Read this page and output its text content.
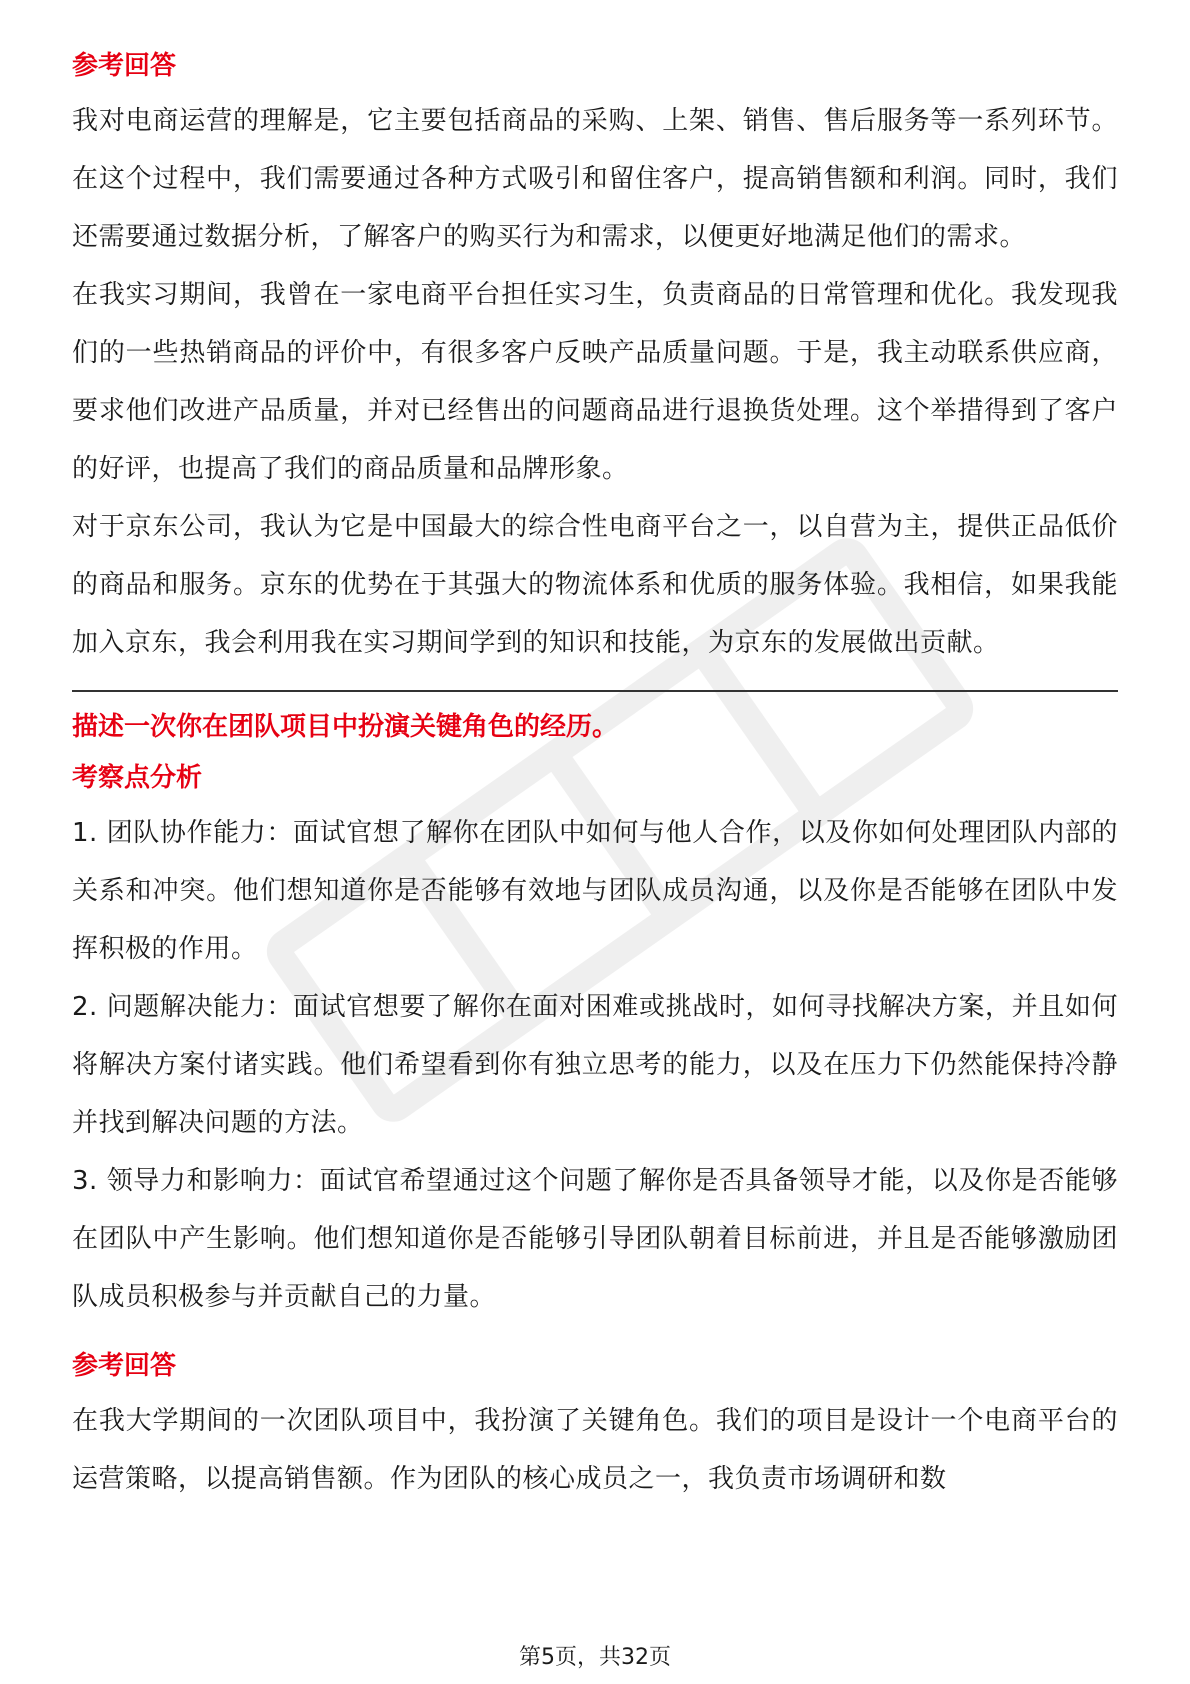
参考回答

我对电商运营的理解是，它主要包括商品的采购、上架、销售、售后服务等一系列环节。在这个过程中，我们需要通过各种方式吸引和留住客户，提高销售额和利润。同时，我们还需要通过数据分析，了解客户的购买行为和需求，以便更好地满足他们的需求。

在我实习期间，我曾在一家电商平台担任实习生，负责商品的日常管理和优化。我发现我们的一些热销商品的评价中，有很多客户反映产品质量问题。于是，我主动联系供应商，要求他们改进产品质量，并对已经售出的问题商品进行退换货处理。这个举措得到了客户的好评，也提高了我们的商品质量和品牌形象。

对于京东公司，我认为它是中国最大的综合性电商平台之一，以自营为主，提供正品低价的商品和服务。京东的优势在于其强大的物流体系和优质的服务体验。我相信，如果我能加入京东，我会利用我在实习期间学到的知识和技能，为京东的发展做出贡献。

描述一次你在团队项目中扮演关键角色的经历。

考察点分析

1. 团队协作能力：面试官想了解你在团队中如何与他人合作，以及你如何处理团队内部的关系和冲突。他们想知道你是否能够有效地与团队成员沟通，以及你是否能够在团队中发挥积极的作用。

2. 问题解决能力：面试官想要了解你在面对困难或挑战时，如何寻找解决方案，并且如何将解决方案付诸实践。他们希望看到你有独立思考的能力，以及在压力下仍然能保持冷静并找到解决问题的方法。

3. 领导力和影响力：面试官希望通过这个问题了解你是否具备领导才能，以及你是否能够在团队中产生影响。他们想知道你是否能够引导团队朝着目标前进，并且是否能够激励团队成员积极参与并贡献自己的力量。

参考回答

在我大学期间的一次团队项目中，我扮演了关键角色。我们的项目是设计一个电商平台的运营策略，以提高销售额。作为团队的核心成员之一，我负责市场调研和数

第5页，共32页
